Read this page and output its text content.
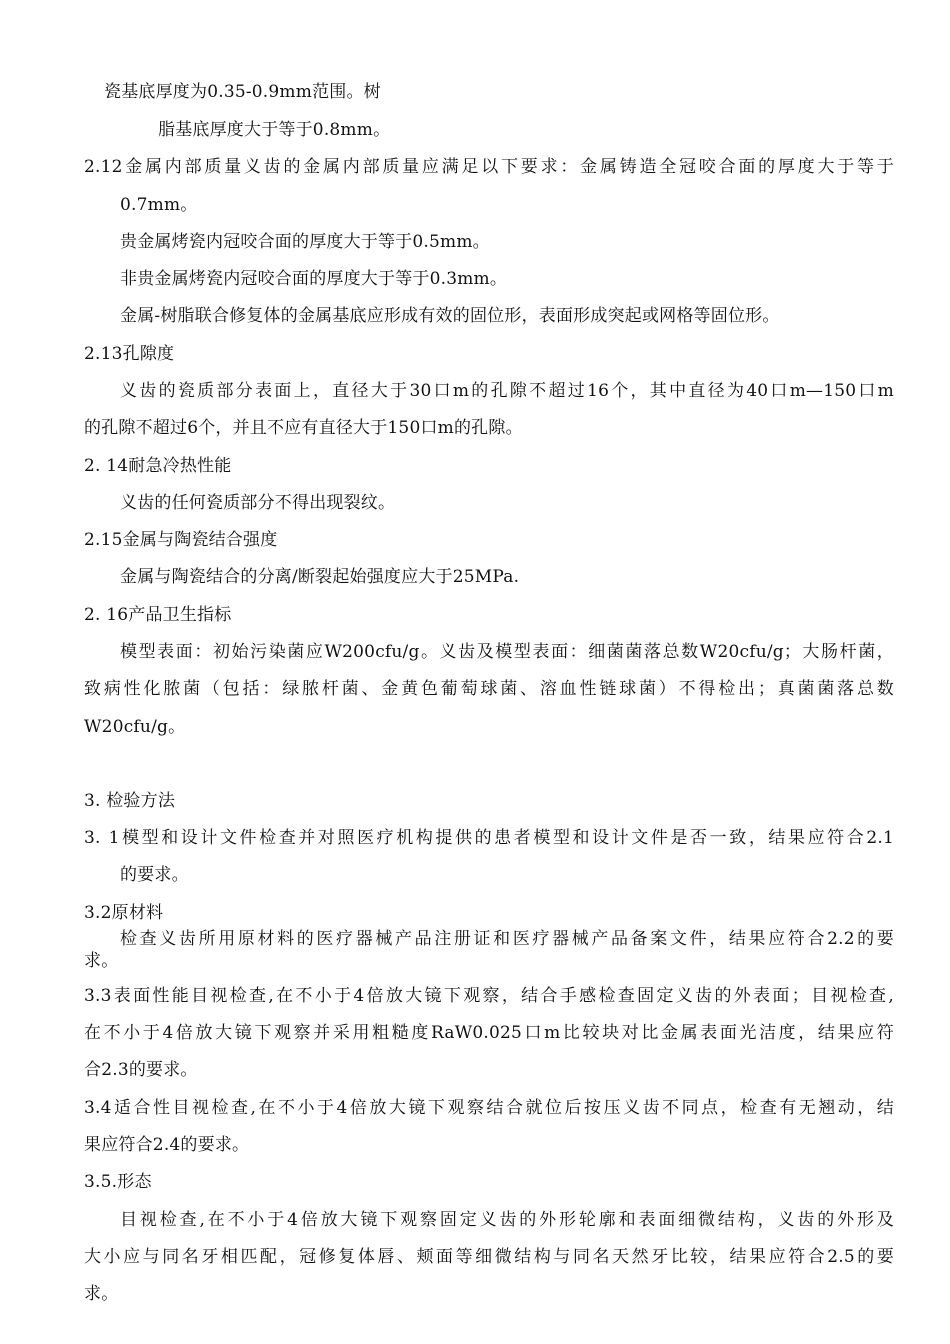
瓷基底厚度为0.35-0.9mm范围。树
脂基底厚度大于等于0.8mm。
2.12金属内部质量义齿的金属内部质量应满足以下要求：金属铸造全冠咬合面的厚度大于等于
0.7mm。
贵金属烤瓷内冠咬合面的厚度大于等于0.5mm。
非贵金属烤瓷内冠咬合面的厚度大于等于0.3mm。
金属-树脂联合修复体的金属基底应形成有效的固位形，表面形成突起或网格等固位形。
2.13孔隙度
义齿的瓷质部分表面上，直径大于30口m的孔隙不超过16个，其中直径为40口m—150口m
的孔隙不超过6个，并且不应有直径大于150口m的孔隙。
2. 14耐急冷热性能
义齿的任何瓷质部分不得出现裂纹。
2.15金属与陶瓷结合强度
金属与陶瓷结合的分离/断裂起始强度应大于25MPa.
2. 16产品卫生指标
模型表面：初始污染菌应W200cfu/g。义齿及模型表面：细菌菌落总数W20cfu/g；大肠杆菌，
致病性化脓菌（包括：绿脓杆菌、金黄色葡萄球菌、溶血性链球菌）不得检出；真菌菌落总数
W20cfu/g。
3. 检验方法
3. 1模型和设计文件检查并对照医疗机构提供的患者模型和设计文件是否一致，结果应符合2.1
的要求。
3.2原材料
检查义齿所用原材料的医疗器械产品注册证和医疗器械产品备案文件，结果应符合2.2的要
求。
3.3表面性能目视检查,在不小于4倍放大镜下观察，结合手感检查固定义齿的外表面；目视检查,
在不小于4倍放大镜下观察并采用粗糙度RaW0.025口m比较块对比金属表面光洁度，结果应符
合2.3的要求。
3.4适合性目视检查,在不小于4倍放大镜下观察结合就位后按压义齿不同点，检查有无翘动，结
果应符合2.4的要求。
3.5.形态
目视检查,在不小于4倍放大镜下观察固定义齿的外形轮廓和表面细微结构，义齿的外形及
大小应与同名牙相匹配，冠修复体唇、颊面等细微结构与同名天然牙比较，结果应符合2.5的要
求。
